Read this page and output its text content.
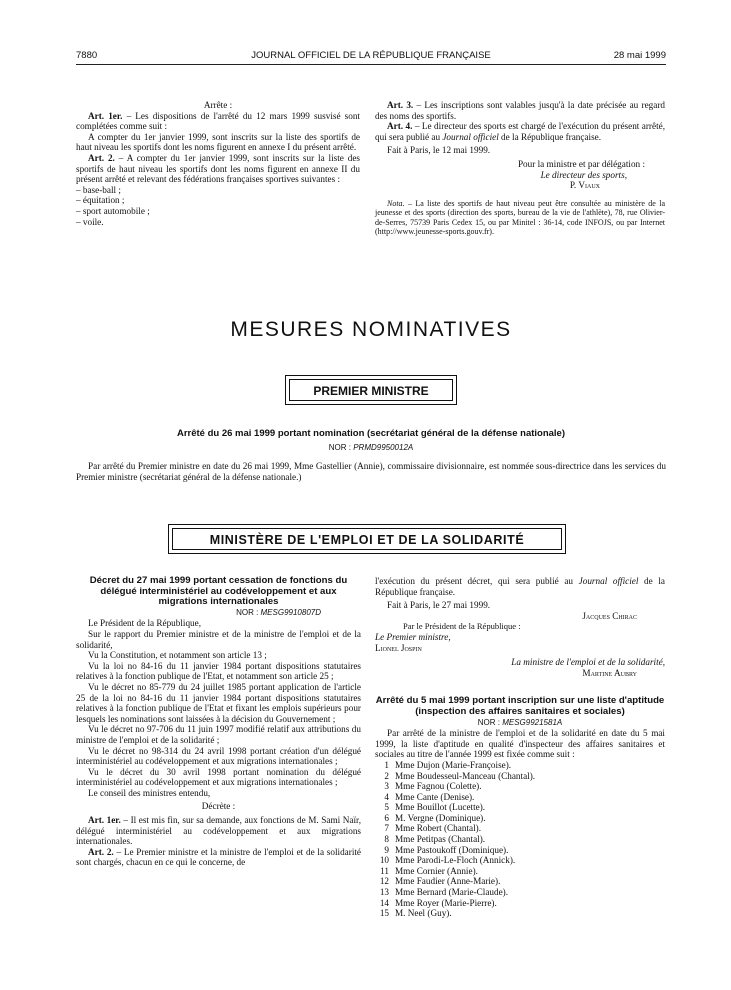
7880	JOURNAL OFFICIEL DE LA RÉPUBLIQUE FRANÇAISE	28 mai 1999

Arrête :

Art. 1er. – Les dispositions de l'arrêté du 12 mars 1999 susvisé sont complétées comme suit :

A compter du 1er janvier 1999, sont inscrits sur la liste des sportifs de haut niveau les sportifs dont les noms figurent en annexe I du présent arrêté.

Art. 2. – A compter du 1er janvier 1999, sont inscrits sur la liste des sportifs de haut niveau les sportifs dont les noms figurent en annexe II du présent arrêté et relevant des fédérations françaises sportives suivantes :

– base-ball ;

– équitation ;

– sport automobile ;

– voile.

Art. 3. – Les inscriptions sont valables jusqu'à la date précisée au regard des noms des sportifs.

Art. 4. – Le directeur des sports est chargé de l'exécution du présent arrêté, qui sera publié au Journal officiel de la République française.

Fait à Paris, le 12 mai 1999.

Pour la ministre et par délégation :

Le directeur des sports,

P. Viaux

Nota. – La liste des sportifs de haut niveau peut être consultée au ministère de la jeunesse et des sports (direction des sports, bureau de la vie de l'athlète), 78, rue Olivier-de-Serres, 75739 Paris Cedex 15, ou par Minitel : 36-14, code INFOJS, ou par Internet (http://www.jeunesse-sports.gouv.fr).

MESURES NOMINATIVES
PREMIER MINISTRE
Arrêté du 26 mai 1999 portant nomination (secrétariat général de la défense nationale)
NOR : PRMD9950012A

Par arrêté du Premier ministre en date du 26 mai 1999, Mme Gastellier (Annie), commissaire divisionnaire, est nommée sous-directrice dans les services du Premier ministre (secrétariat général de la défense nationale.)

MINISTÈRE DE L'EMPLOI ET DE LA SOLIDARITÉ

Décret du 27 mai 1999 portant cessation de fonctions du délégué interministériel au codéveloppement et aux migrations internationales

NOR : MESG9910807D

Le Président de la République,

Sur le rapport du Premier ministre et de la ministre de l'emploi et de la solidarité,

Vu la Constitution, et notamment son article 13 ;

Vu la loi no 84-16 du 11 janvier 1984 portant dispositions statutaires relatives à la fonction publique de l'Etat, et notamment son article 25 ;

Vu le décret no 85-779 du 24 juillet 1985 portant application de l'article 25 de la loi no 84-16 du 11 janvier 1984 portant dispositions statutaires relatives à la fonction publique de l'Etat et fixant les emplois supérieurs pour lesquels les nominations sont laissées à la décision du Gouvernement ;

Vu le décret no 97-706 du 11 juin 1997 modifié relatif aux attributions du ministre de l'emploi et de la solidarité ;

Vu le décret no 98-314 du 24 avril 1998 portant création d'un délégué interministériel au codéveloppement et aux migrations internationales ;

Vu le décret du 30 avril 1998 portant nomination du délégué interministériel au codéveloppement et aux migrations internationales ;

Le conseil des ministres entendu,

Décrète :

Art. 1er. – Il est mis fin, sur sa demande, aux fonctions de M. Sami Naïr, délégué interministériel au codéveloppement et aux migrations internationales.

Art. 2. – Le Premier ministre et la ministre de l'emploi et de la solidarité sont chargés, chacun en ce qui le concerne, de

l'exécution du présent décret, qui sera publié au Journal officiel de la République française.

Fait à Paris, le 27 mai 1999.

Jacques Chirac

Par le Président de la République :

Le Premier ministre,

Lionel Jospin

La ministre de l'emploi et de la solidarité,

Martine Aubry

Arrêté du 5 mai 1999 portant inscription sur une liste d'aptitude (inspection des affaires sanitaires et sociales)

NOR : MESG9921581A

Par arrêté de la ministre de l'emploi et de la solidarité en date du 5 mai 1999, la liste d'aptitude en qualité d'inspecteur des affaires sanitaires et sociales au titre de l'année 1999 est fixée comme suit :

1 Mme Dujon (Marie-Françoise).
2 Mme Boudesseul-Manceau (Chantal).
3 Mme Fagnou (Colette).
4 Mme Cante (Denise).
5 Mme Bouillot (Lucette).
6 M. Vergne (Dominique).
7 Mme Robert (Chantal).
8 Mme Petitpas (Chantal).
9 Mme Pastoukoff (Dominique).
10 Mme Parodi-Le-Floch (Annick).
11 Mme Cornier (Annie).
12 Mme Faudier (Anne-Marie).
13 Mme Bernard (Marie-Claude).
14 Mme Royer (Marie-Pierre).
15 M. Neel (Guy).
